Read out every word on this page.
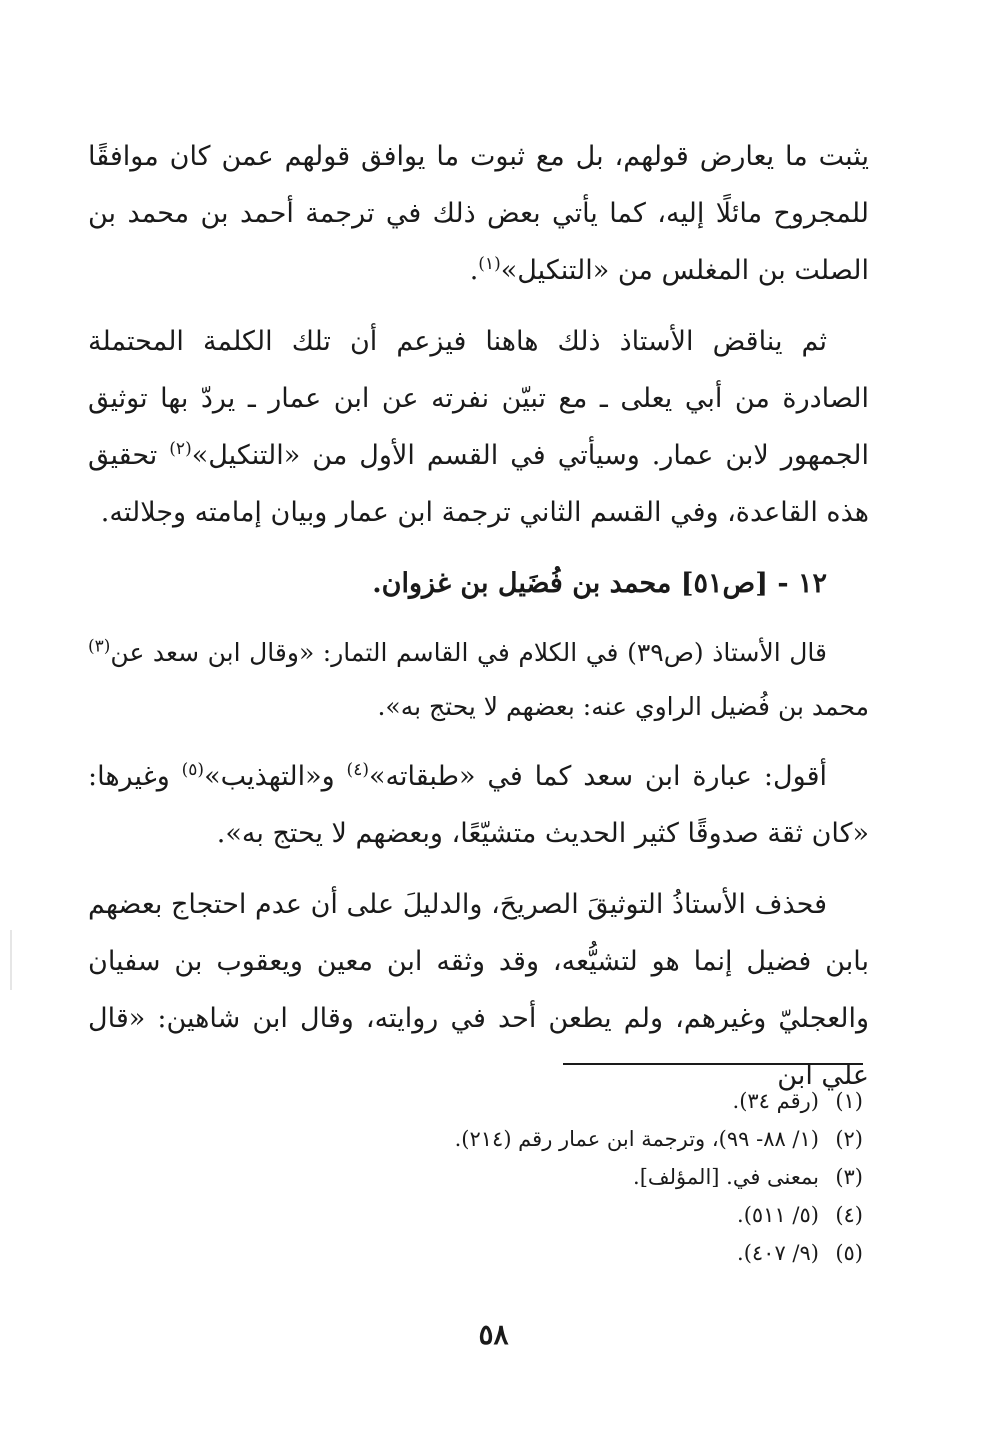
يثبت ما يعارض قولهم، بل مع ثبوت ما يوافق قولهم عمن كان موافقًا للمجروح مائلًا إليه، كما يأتي بعض ذلك في ترجمة أحمد بن محمد بن الصلت بن المغلس من «التنكيل»$^{(١)}$.

ثم يناقض الأستاذ ذلك هاهنا فيزعم أن تلك الكلمة المحتملة الصادرة من أبي يعلى ـ مع تبيّن نفرته عن ابن عمار ـ يردّ بها توثيق الجمهور لابن عمار. وسيأتي في القسم الأول من «التنكيل»$^{(٢)}$ تحقيق هذه القاعدة، وفي القسم الثاني ترجمة ابن عمار وبيان إمامته وجلالته.

١٢ - [ص٥١] محمد بن فُضَيل بن غزوان.

قال الأستاذ (ص٣٩) في الكلام في القاسم التمار: «وقال ابن سعد عن$^{(٣)}$ محمد بن فُضيل الراوي عنه: بعضهم لا يحتج به».

أقول: عبارة ابن سعد كما في «طبقاته»$^{(٤)}$ و«التهذيب»$^{(٥)}$ وغيرها: «كان ثقة صدوقًا كثير الحديث متشيّعًا، وبعضهم لا يحتج به».

فحذف الأستاذُ التوثيقَ الصريحَ، والدليلَ على أن عدم احتجاج بعضهم بابن فضيل إنما هو لتشيُّعه، وقد وثقه ابن معين ويعقوب بن سفيان والعجليّ وغيرهم، ولم يطعن أحد في روايته، وقال ابن شاهين: «قال علي ابن

(١)(رقم ٣٤).
(٢)(١/ ٨٨- ٩٩)، وترجمة ابن عمار رقم (٢١٤).
(٣)بمعنى في. [المؤلف].
(٤)(٥/ ٥١١).
(٥)(٩/ ٤٠٧).
٥٨
